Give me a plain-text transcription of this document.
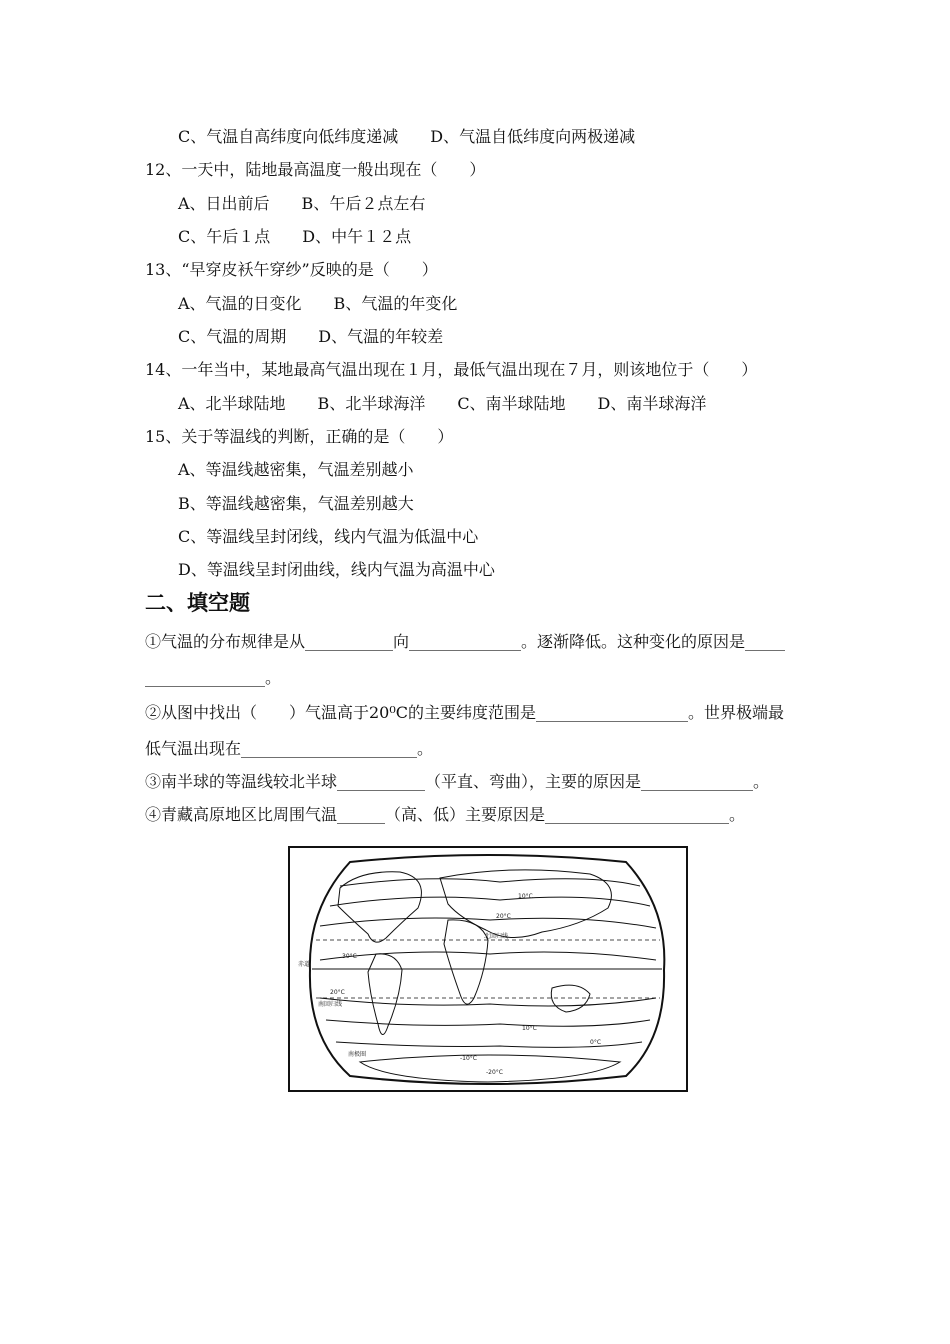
C、气温自高纬度向低纬度递减　　D、气温自低纬度向两极递减
12、一天中，陆地最高温度一般出现在（　　）
A、日出前后　　B、午后２点左右
C、午后１点　　D、中午１２点
13、“早穿皮袄午穿纱”反映的是（　　）
A、气温的日变化　　B、气温的年变化
C、气温的周期　　D、气温的年较差
14、一年当中，某地最高气温出现在１月，最低气温出现在７月，则该地位于（　　）
A、北半球陆地　　B、北半球海洋　　C、南半球陆地　　D、南半球海洋
15、关于等温线的判断，正确的是（　　）
A、等温线越密集，气温差别越小
B、等温线越密集，气温差别越大
C、等温线呈封闭线，线内气温为低温中心
D、等温线呈封闭曲线，线内气温为高温中心
二、填空题
①气温的分布规律是从___________向______________。逐渐降低。这种变化的原因是_____
_______________。
②从图中找出（　　）气温高于20⁰C的主要纬度范围是___________________。世界极端最
低气温出现在______________________。
③南半球的等温线较北半球___________（平直、弯曲），主要的原因是______________。
④青藏高原地区比周围气温______（高、低）主要原因是_______________________。
赤道
北回归线
南回归线
南极圈
30°C
20°C
10°C
20°C
10°C
0°C
-10°C
-20°C
